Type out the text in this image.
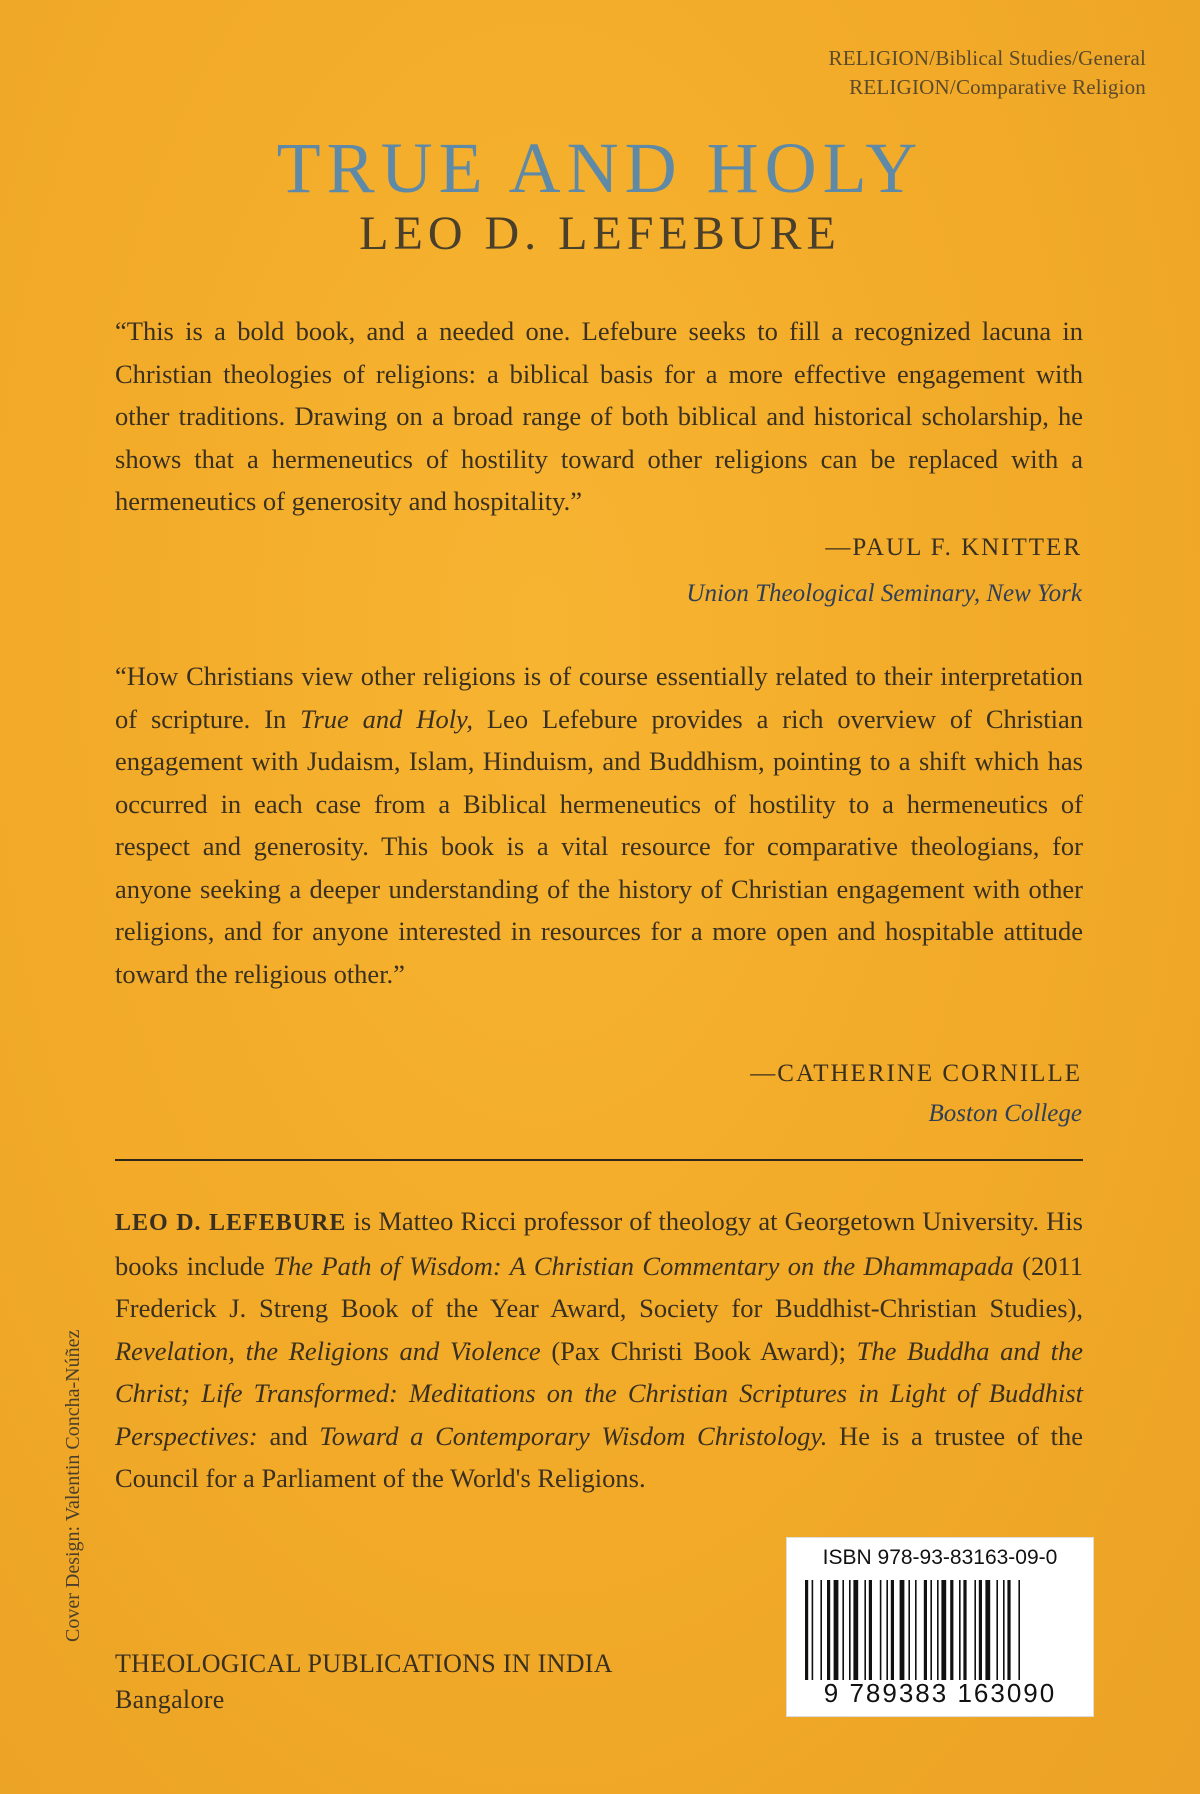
RELIGION/Biblical Studies/General
RELIGION/Comparative Religion
TRUE AND HOLY
LEO D. LEFEBURE
“This is a bold book, and a needed one. Lefebure seeks to fill a recognized lacuna in Christian theologies of religions: a biblical basis for a more effective engagement with other traditions. Drawing on a broad range of both biblical and historical scholarship, he shows that a hermeneutics of hostility toward other religions can be replaced with a hermeneutics of generosity and hospitality.”
—PAUL F. KNITTER
Union Theological Seminary, New York
“How Christians view other religions is of course essentially related to their interpretation of scripture. In True and Holy, Leo Lefebure provides a rich overview of Christian engagement with Judaism, Islam, Hinduism, and Buddhism, pointing to a shift which has occurred in each case from a Biblical hermeneutics of hostility to a hermeneutics of respect and generosity. This book is a vital resource for comparative theologians, for anyone seeking a deeper understanding of the history of Christian engagement with other religions, and for anyone interested in resources for a more open and hospitable attitude toward the religious other.”
—CATHERINE CORNILLE
Boston College
LEO D. LEFEBURE is Matteo Ricci professor of theology at Georgetown University. His books include The Path of Wisdom: A Christian Commentary on the Dhammapada (2011 Frederick J. Streng Book of the Year Award, Society for Buddhist-Christian Studies), Revelation, the Religions and Violence (Pax Christi Book Award); The Buddha and the Christ; Life Transformed: Meditations on the Christian Scriptures in Light of Buddhist Perspectives: and Toward a Contemporary Wisdom Christology. He is a trustee of the Council for a Parliament of the World's Religions.
Cover Design: Valentin Concha-Núñez
THEOLOGICAL PUBLICATIONS IN INDIA
Bangalore
ISBN 978-93-83163-09-0
9 789383 163090
